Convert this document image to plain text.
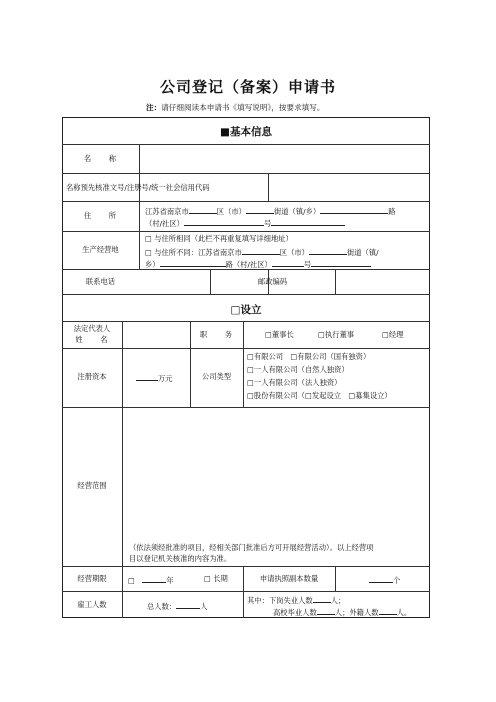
公司登记（备案）申请书
注：请仔细阅读本申请书《填写说明》，按要求填写。
■基本信息
名　　称
名称预先核准文号/注册号/统一社会信用代码
住　　所	江苏省南京市	区（市）	街道（镇/乡）	路
（村/社区）	号
生产经营地
□ 与住所相同（此栏不再重复填写详细地址）
□ 与住所不同：江苏省南京市	区（市）	街道（镇/
乡）	路（村/社区）	号
联系电话	邮政编码
□设立
法定代表人
姓　　名
职　　务	□董事长	□执行董事	□经理
注册资本	万元	公司类型
□有限公司　□有限公司（国有独资）
□一人有限公司（自然人独资）
□一人有限公司（法人独资）
□股份有限公司（□发起设立　□募集设立）
经营范围
（依法须经批准的项目，经相关部门批准后方可开展经营活动）。以上经营项
目以登记机关核准的内容为准。
经营期限	□　	年	□ 长期	申请执照副本数量	个
雇工人数	总人数：	人
其中：下岗失业人数 人；
高校毕业人数 人；外籍人数 人。
